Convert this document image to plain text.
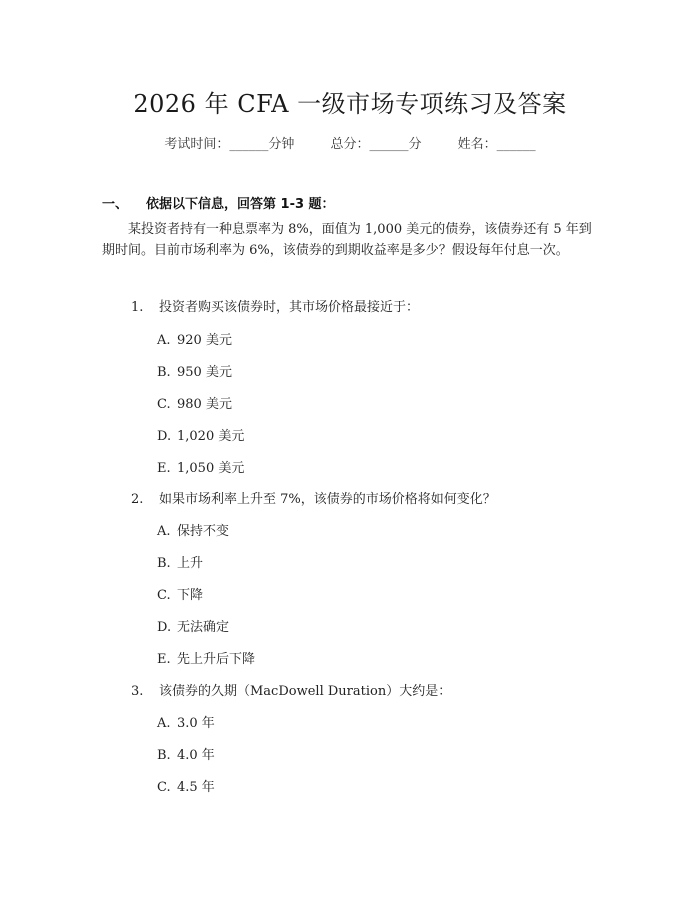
2026 年 CFA 一级市场专项练习及答案
考试时间：______分钟	总分：______分	姓名：______
一、 依据以下信息，回答第 1-3 题：
某投资者持有一种息票率为 8%，面值为 1,000 美元的债券，该债券还有 5 年到期时间。目前市场利率为 6%，该债券的到期收益率是多少？假设每年付息一次。
1. 投资者购买该债券时，其市场价格最接近于：
A. 920 美元
B. 950 美元
C. 980 美元
D. 1,020 美元
E. 1,050 美元
2. 如果市场利率上升至 7%，该债券的市场价格将如何变化？
A. 保持不变
B. 上升
C. 下降
D. 无法确定
E. 先上升后下降
3. 该债券的久期（MacDowell Duration）大约是：
A. 3.0 年
B. 4.0 年
C. 4.5 年
